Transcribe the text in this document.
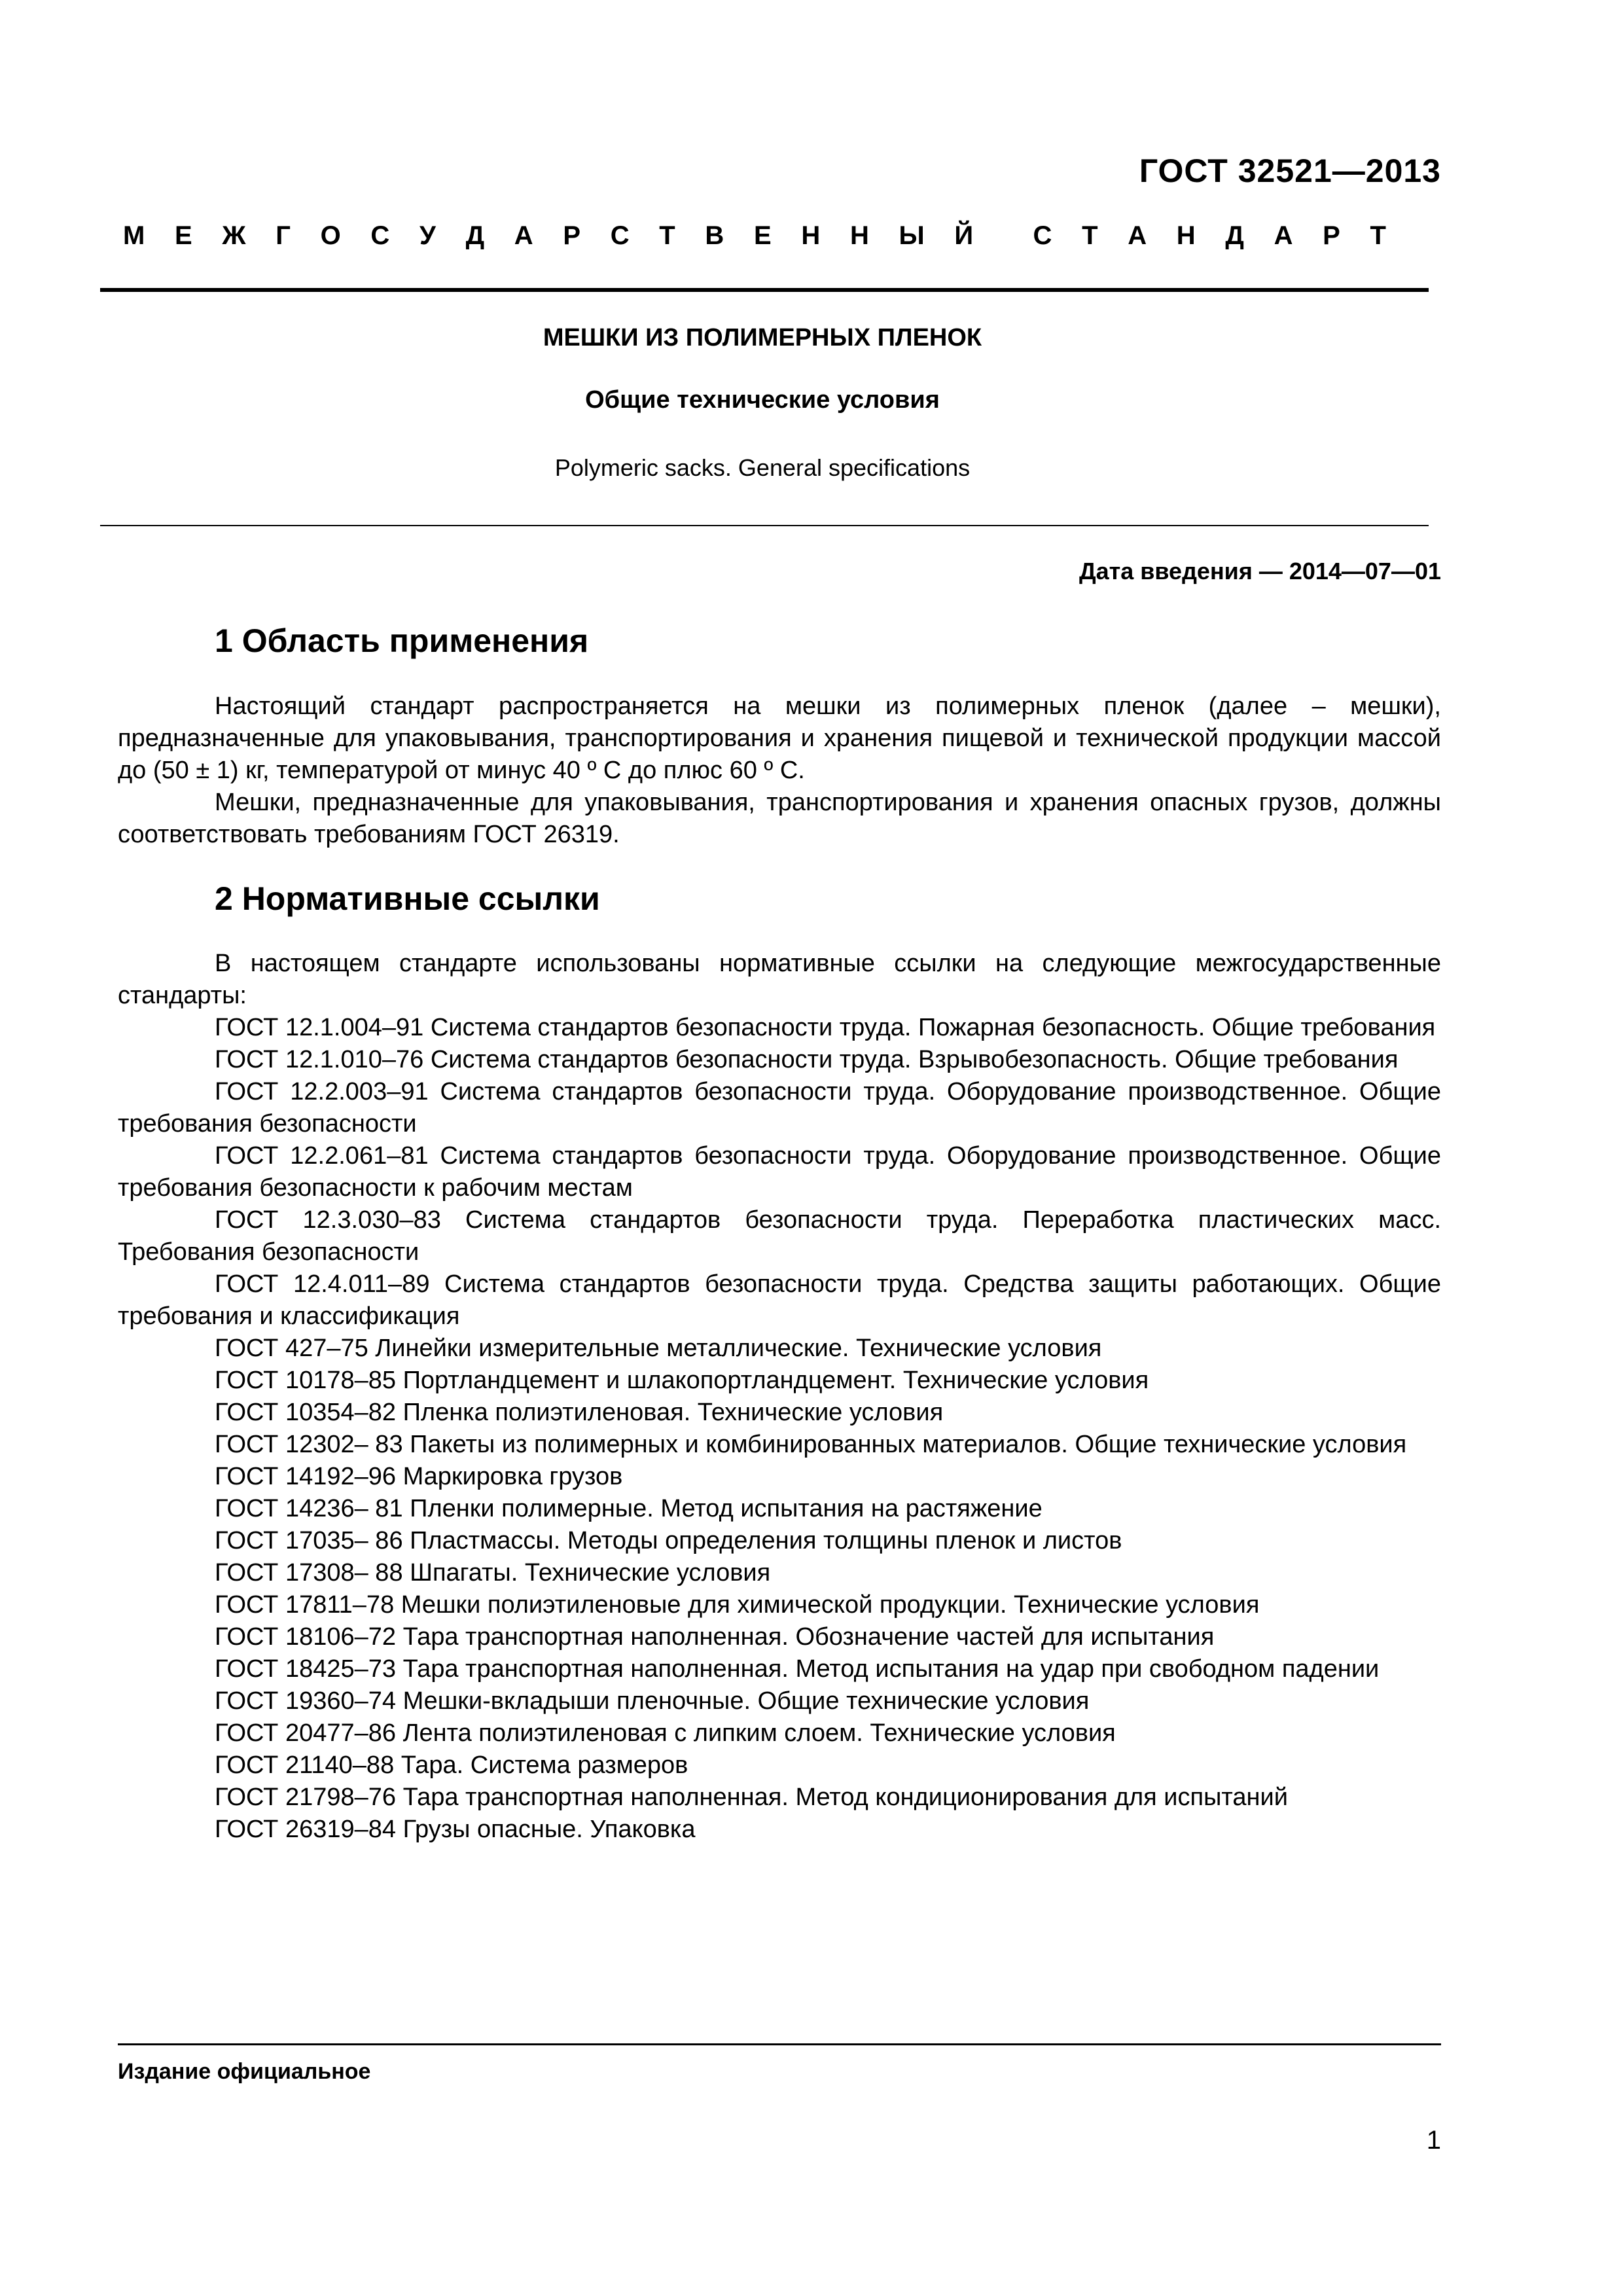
ГОСТ 32521—2013
М Е Ж Г О С У Д А Р С Т В Е Н Н Ы Й С Т А Н Д А Р Т
МЕШКИ ИЗ ПОЛИМЕРНЫХ ПЛЕНОК
Общие технические условия
Polymeric sacks. General specifications
Дата введения — 2014—07—01
1 Область применения

Настоящий стандарт распространяется на мешки из полимерных пленок (далее – мешки), предназначенные для упаковывания, транспортирования и хранения пищевой и технической продукции массой до (50 ± 1) кг, температурой от минус 40 º С до плюс 60 º С.

Мешки, предназначенные для упаковывания, транспортирования и хранения опасных грузов, должны соответствовать требованиям ГОСТ 26319.

2 Нормативные ссылки

В настоящем стандарте использованы нормативные ссылки на следующие межгосударственные стандарты:

ГОСТ 12.1.004–91 Система стандартов безопасности труда. Пожарная безопасность. Общие требования
ГОСТ 12.1.010–76 Система стандартов безопасности труда. Взрывобезопасность. Общие требования
ГОСТ 12.2.003–91 Система стандартов безопасности труда. Оборудование производственное. Общие требования безопасности
ГОСТ 12.2.061–81 Система стандартов безопасности труда. Оборудование производственное. Общие требования безопасности к рабочим местам
ГОСТ 12.3.030–83 Система стандартов безопасности труда. Переработка пластических масс. Требования безопасности
ГОСТ 12.4.011–89 Система стандартов безопасности труда. Средства защиты работающих. Общие требования и классификация
ГОСТ 427–75 Линейки измерительные металлические. Технические условия
ГОСТ 10178–85 Портландцемент и шлакопортландцемент. Технические условия
ГОСТ 10354–82 Пленка полиэтиленовая. Технические условия
ГОСТ 12302– 83 Пакеты из полимерных и комбинированных материалов. Общие технические условия
ГОСТ 14192–96 Маркировка грузов
ГОСТ 14236– 81 Пленки полимерные. Метод испытания на растяжение
ГОСТ 17035– 86 Пластмассы. Методы определения толщины пленок и листов
ГОСТ 17308– 88 Шпагаты. Технические условия
ГОСТ 17811–78 Мешки полиэтиленовые для химической продукции. Технические условия
ГОСТ 18106–72 Тара транспортная наполненная. Обозначение частей для испытания
ГОСТ 18425–73 Тара транспортная наполненная. Метод испытания на удар при свободном падении
ГОСТ 19360–74 Мешки-вкладыши пленочные. Общие технические условия
ГОСТ 20477–86 Лента полиэтиленовая с липким слоем. Технические условия
ГОСТ 21140–88 Тара. Система размеров
ГОСТ 21798–76 Тара транспортная наполненная. Метод кондиционирования для испытаний
ГОСТ 26319–84 Грузы опасные. Упаковка
Издание официальное
1
